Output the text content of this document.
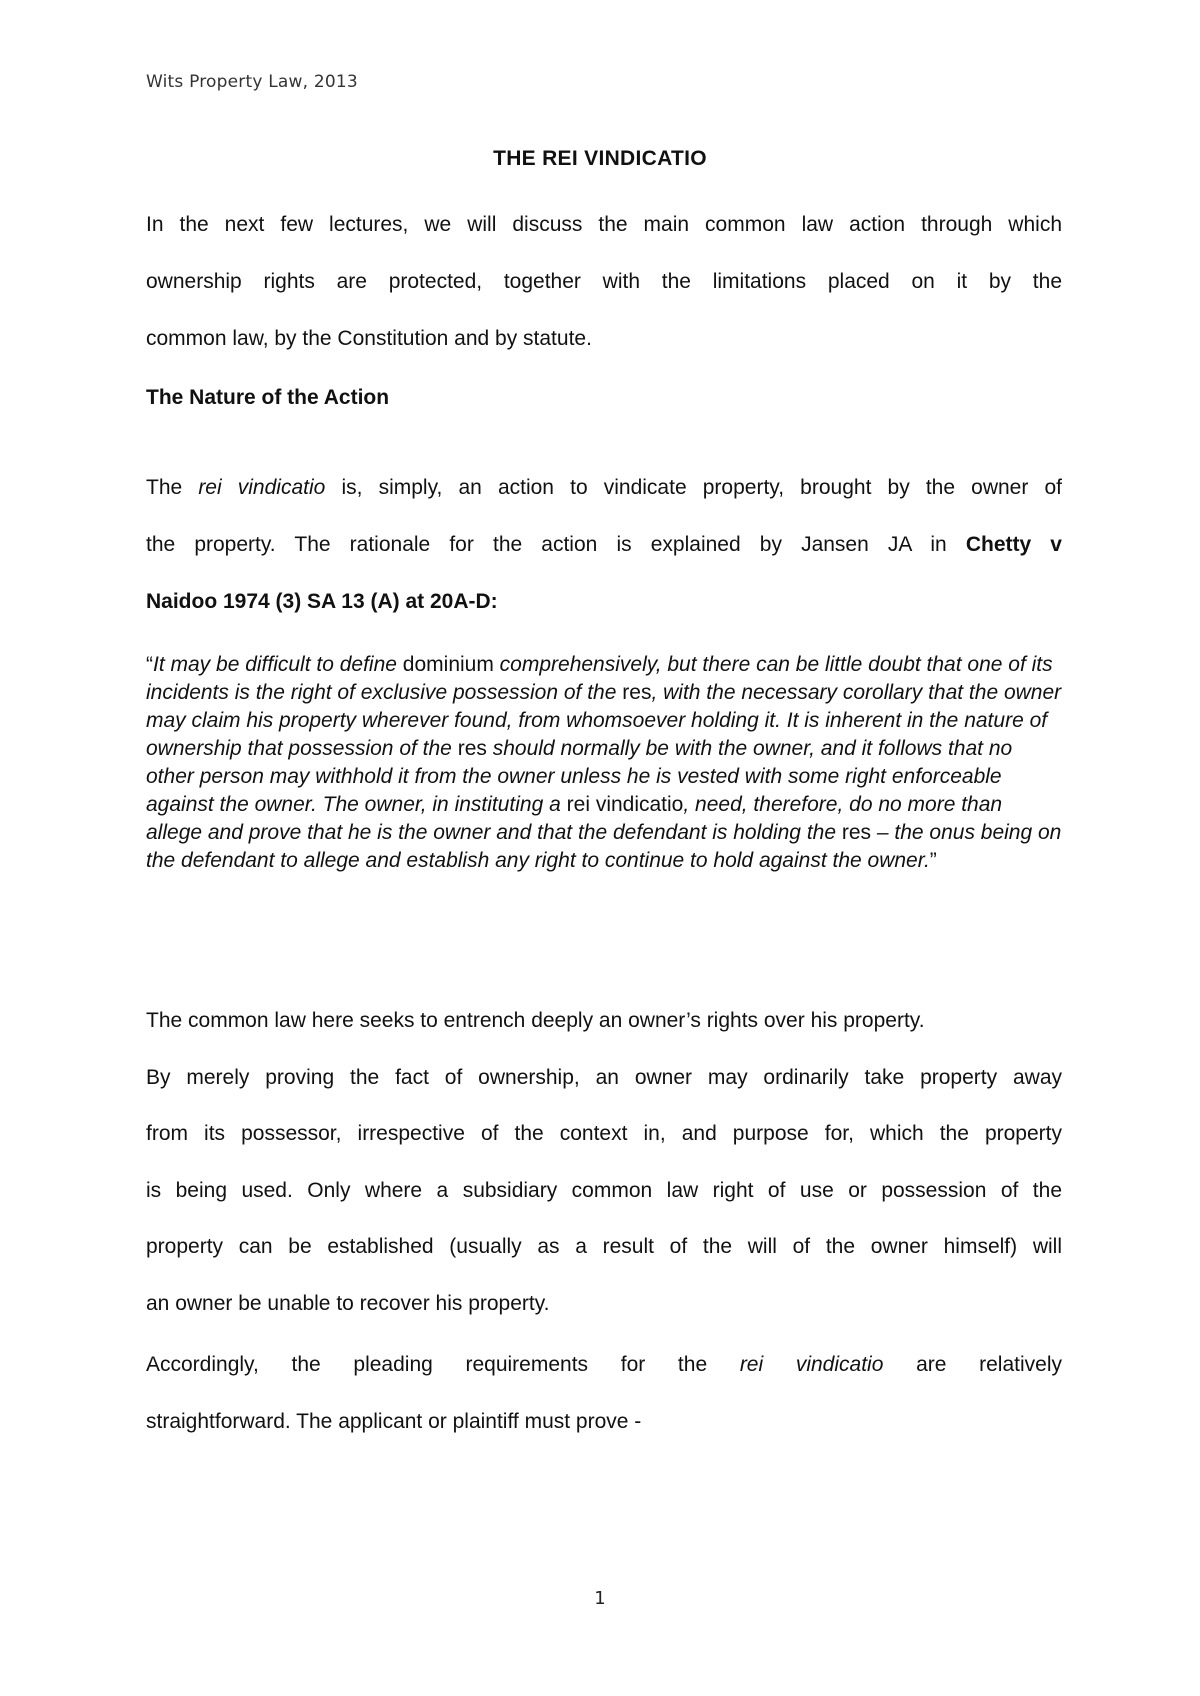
Wits Property Law, 2013
THE REI VINDICATIO
In the next few lectures, we will discuss the main common law action through which
ownership rights are protected, together with the limitations placed on it by the
common law, by the Constitution and by statute.
The Nature of the Action
The rei vindicatio is, simply, an action to vindicate property, brought by the owner of
the property. The rationale for the action is explained by Jansen JA in Chetty v
Naidoo 1974 (3) SA 13 (A) at 20A-D:
“It may be difficult to define dominium comprehensively, but there can be little doubt that one of its incidents is the right of exclusive possession of the res, with the necessary corollary that the owner may claim his property wherever found, from whomsoever holding it. It is inherent in the nature of ownership that possession of the res should normally be with the owner, and it follows that no other person may withhold it from the owner unless he is vested with some right enforceable against the owner. The owner, in instituting a rei vindicatio, need, therefore, do no more than allege and prove that he is the owner and that the defendant is holding the res – the onus being on the defendant to allege and establish any right to continue to hold against the owner.”
The common law here seeks to entrench deeply an owner’s rights over his property.
By merely proving the fact of ownership, an owner may ordinarily take property away
from its possessor, irrespective of the context in, and purpose for, which the property
is being used. Only where a subsidiary common law right of use or possession of the
property can be established (usually as a result of the will of the owner himself) will
an owner be unable to recover his property.
Accordingly, the pleading requirements for the rei vindicatio are relatively
straightforward. The applicant or plaintiff must prove -
1
